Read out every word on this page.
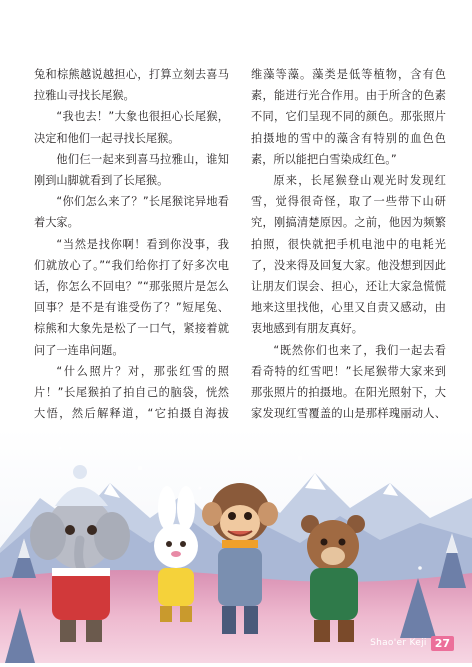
兔和棕熊越说越担心，打算立刻去喜马拉雅山寻找长尾猴。

“我也去！”大象也很担心长尾猴，决定和他们一起寻找长尾猴。

他们仨一起来到喜马拉雅山，谁知刚到山脚就看到了长尾猴。

“你们怎么来了？”长尾猴诧异地看着大家。

“当然是找你啊！看到你没事，我们就放心了。”“我们给你打了好多次电话，你怎么不回电？”“那张照片是怎么回事？是不是有谁受伤了？”短尾兔、棕熊和大象先是松了一口气，紧接着就问了一连串问题。

“什么照片？对，那张红雪的照片！”长尾猴拍了拍自己的脑袋，恍然大悟，然后解释道，“它拍摄自海拔

维藻等藻。藻类是低等植物，含有色素，能进行光合作用。由于所含的色素不同，它们呈现不同的颜色。那张照片拍摄地的雪中的藻含有特别的血色色素，所以能把白雪染成红色。”

原来，长尾猴登山观光时发现红雪，觉得很奇怪，取了一些带下山研究，刚搞清楚原因。之前，他因为频繁拍照，很快就把手机电池中的电耗光了，没来得及回复大家。他没想到因此让朋友们误会、担心，还让大家急慌慌地来这里找他，心里又自责又感动，由衷地感到有朋友真好。

“既然你们也来了，我们一起去看看奇特的红雪吧！”长尾猴带大家来到那张照片的拍摄地。在阳光照射下，大家发现红雪覆盖的山是那样瑰丽动人、

Shao'er Keji 27
